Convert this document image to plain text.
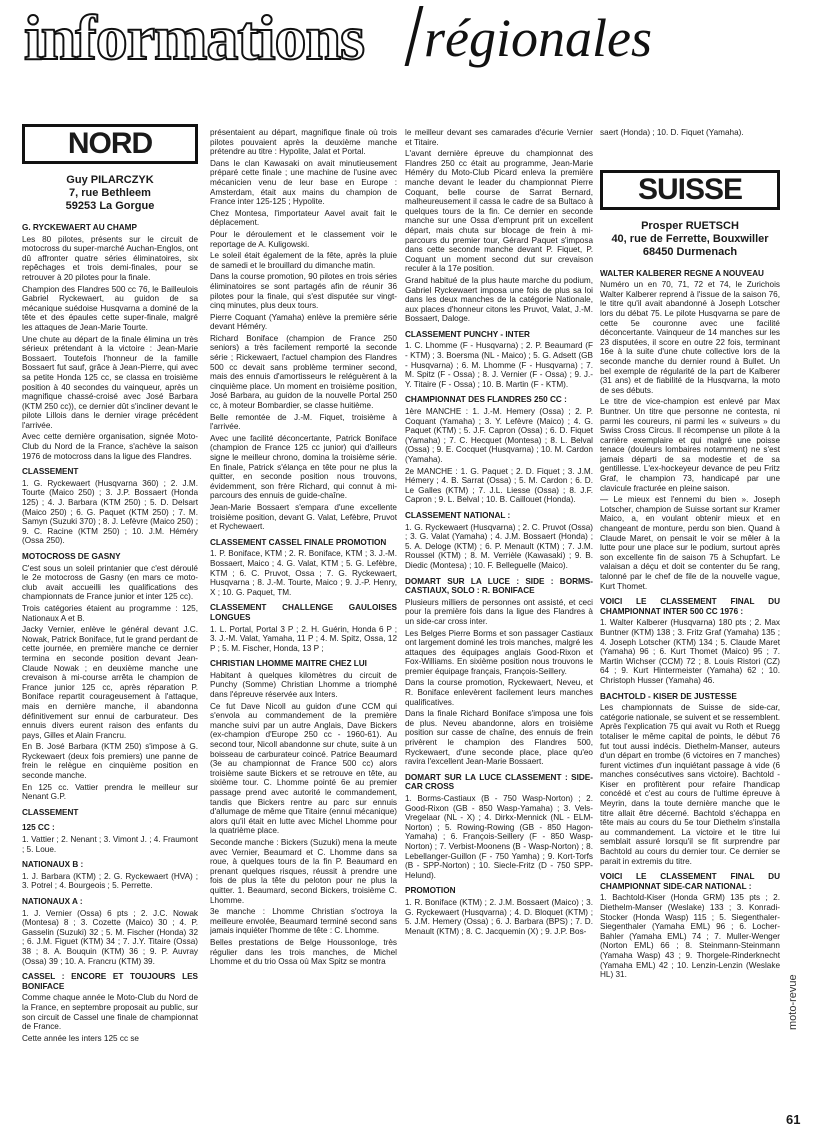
informations régionales
NORD
Guy PILARCZYK
7, rue Bethleem
59253 La Gorgue

G. RYCKEWAERT AU CHAMP

Les 80 pilotes, présents sur le circuit de motocross du super-marché Auchan-Englos, ont dû affronter quatre séries éliminatoires, six repêchages et trois demi-finales, pour se retrouver à 20 pilotes pour la finale.

Champion des Flandres 500 cc 76, le Bailleulois Gabriel Ryckewaert, au guidon de sa mécanique suédoise Husqvarna a dominé de la tête et des épaules cette super-finale, malgré les attaques de Jean-Marie Tourte.

Une chute au départ de la finale élimina un très sérieux prétendant à la victoire : Jean-Marie Bossaert. Toutefois l'honneur de la famille Bossaert fut sauf, grâce à Jean-Pierre, qui avec sa petite Honda 125 cc, se classa en troisième position à 40 secondes du vainqueur, après un magnifique chassé-croisé avec José Barbara (KTM 250 cc)), ce dernier dût s'incliner devant le pilote Lillois dans le dernier virage précédent l'arrivée.

Avec cette dernière organisation, signée Moto-Club du Nord de la France, s'achève la saison 1976 de motocross dans la ligue des Flandres.

CLASSEMENT

1. G. Ryckewaert (Husqvarna 360) ; 2. J.M. Tourte (Maico 250) ; 3. J.P. Bossaert (Honda 125) ; 4. J. Barbara (KTM 250) ; 5. D. Delsart (Maico 250) ; 6. G. Paquet (KTM 250) ; 7. M. Samyn (Suzuki 370) ; 8. J. Lefèvre (Maico 250) ; 9. C. Racine (KTM 250) ; 10. J.M. Héméry (Ossa 250).

MOTOCROSS DE GASNY

C'est sous un soleil printanier que c'est déroulé le 2e motocross de Gasny (en mars ce moto-club avait accueilli les qualifications des championnats de France junior et inter 125 cc).

Trois catégories étaient au programme : 125, Nationaux A et B.

Jacky Vernier, enlève le général devant J.C. Nowak, Patrick Boniface, fut le grand perdant de cette journée, en première manche ce dernier termina en seconde position devant Jean-Claude Nowak ; en deuxième manche une crevaison à mi-course arrêta le champion de France junior 125 cc, après réparation P. Boniface repartit courageusement à l'attaque, mais en dernière manche, il abandonna définitivement sur ennui de carburateur. Des ennuis divers eurent raison des enfants du pays, Gilles et Alain Francru.

En B. José Barbara (KTM 250) s'impose à G. Ryckewaert (deux fois premiers) une panne de frein le relègue en cinquième position en seconde manche.

En 125 cc. Vattier prendra le meilleur sur Nenant G.P.

CLASSEMENT

125 CC :

1. Vattier ; 2. Nenant ; 3. Vimont J. ; 4. Fraumont ; 5. Loue.

NATIONAUX B :

1. J. Barbara (KTM) ; 2. G. Ryckewaert (HVA) ; 3. Potrel ; 4. Bourgeois ; 5. Perrette.

NATIONAUX A :

1. J. Vernier (Ossa) 6 pts ; 2. J.C. Nowak (Montesa) 8 ; 3. Cozette (Maico) 30 ; 4. P. Gasselin (Suzuki) 32 ; 5. M. Fischer (Honda) 32 ; 6. J.M. Figuet (KTM) 34 ; 7. J.Y. Titaire (Ossa) 38 ; 8. A. Bouquin (KTM) 36 ; 9. P. Auvray (Ossa) 39 ; 10. A. Francru (KTM) 39.

CASSEL : ENCORE ET TOUJOURS LES BONIFACE

Comme chaque année le Moto-Club du Nord de la France, en septembre proposait au public, sur son circuit de Cassel une finale de championnat de France.

Cette année les inters 125 cc se

présentaient au départ, magnifique finale où trois pilotes pouvaient après la deuxième manche prétendre au titre : Hypolite, Jalat et Portal.

Dans le clan Kawasaki on avait minutieusement préparé cette finale ; une machine de l'usine avec mécanicien venu de leur base en Europe : Amsterdam, était aux mains du champion de France inter 125-125 ; Hypolite.

Chez Montesa, l'importateur Aavel avait fait le déplacement.

Pour le déroulement et le classement voir le reportage de A. Kuligowski.

Le soleil était également de la fête, après la pluie de samedi et le brouillard du dimanche matin.

Dans la course promotion, 90 pilotes en trois séries éliminatoires se sont partagés afin de réunir 36 pilotes pour la finale, qui s'est disputée sur vingt-cinq minutes, plus deux tours.

Pierre Coquant (Yamaha) enlève la première série devant Héméry.

Richard Boniface (champion de France 250 seniors) a très facilement remporté la seconde série ; Rickewaert, l'actuel champion des Flandres 500 cc devait sans problème terminer second, mais des ennuis d'amortisseurs le reléguèrent à la cinquième place. Un moment en troisième position, José Barbara, au guidon de la nouvelle Portal 250 cc, à moteur Bombardier, se classe huitième.

Belle remontée de J.-M. Fiquet, troisième à l'arrivée.

Avec une facilité déconcertante, Patrick Boniface (champion de France 125 cc junior) qui d'ailleurs signe le meilleur chrono, domina la troisième série. En finale, Patrick s'élança en tête pour ne plus la quitter, en seconde position nous trouvons, évidemment, son frère Richard, qui connut à mi-parcours des ennuis de guide-chaîne.

Jean-Marie Bossaert s'empara d'une excellente troisième position, devant G. Valat, Lefèbre, Pruvot et Rychewaert.

CLASSEMENT CASSEL FINALE PROMOTION

1. P. Boniface, KTM ; 2. R. Boniface, KTM ; 3. J.-M. Bossaert, Maico ; 4. G. Valat, KTM ; 5. G. Lefèbre, KTM ; 6. C. Pruvot, Ossa ; 7. G. Ryckewaert, Husqvarna ; 8. J.-M. Tourte, Maico ; 9. J.-P. Henry, X ; 10. G. Paquet, TM.

CLASSEMENT CHALLENGE GAULOISES LONGUES

1. L. Portal, Portal 3 P ; 2. H. Guérin, Honda 6 P ; 3. J.-M. Valat, Yamaha, 11 P ; 4. M. Spitz, Ossa, 12 P ; 5. M. Fischer, Honda, 13 P ;

CHRISTIAN LHOMME MAITRE CHEZ LUI

Habitant à quelques kilomètres du circuit de Punchy (Somme) Christian Lhomme a triomphé dans l'épreuve réservée aux Inters.

Ce fut Dave Nicoll au guidon d'une CCM qui s'envola au commandement de la première manche suivi par un autre Anglais, Dave Bickers (ex-champion d'Europe 250 cc - 1960-61). Au second tour, Nicoll abandonne sur chute, suite à un boisseau de carburateur coincé. Patrice Beaumard (3e au championnat de France 500 cc) alors troisième saute Bickers et se retrouve en tête, au sixième tour. C. Lhomme pointé 6e au premier passage prend avec autorité le commandement, tandis que Bickers rentre au parc sur ennuis d'allumage de même que Titaire (ennui mécanique) alors qu'il était en lutte avec Michel Lhomme pour la quatrième place.

Seconde manche : Bickers (Suzuki) mena la meute avec Vernier, Beaumard et C. Lhomme dans sa roue, à quelques tours de la fin P. Beaumard en prenant quelques risques, réussit à prendre une fois de plus la tête du peloton pour ne plus la quitter. 1. Beaumard, second Bickers, troisième C. Lhomme.

3e manche : Lhomme Christian s'octroya la meilleure envolée, Beaumard terminé second sans jamais inquiéter l'homme de tête : C. Lhomme.

Belles prestations de Belge Houssonloge, très régulier dans les trois manches, de Michel Lhomme et du trio Ossa où Max Spitz se montra

le meilleur devant ses camarades d'écurie Vernier et Titaire.

L'avant dernière épreuve du championnat des Flandres 250 cc était au programme, Jean-Marie Héméry du Moto-Club Picard enleva la première manche devant le leader du championnat Pierre Coquant, belle course de Sarrat Bernard, malheureusement il cassa le cadre de sa Bultaco à quelques tours de la fin. Ce dernier en seconde manche sur une Ossa d'emprunt prit un excellent départ, mais chuta sur blocage de frein à mi-parcours du premier tour, Gérard Paquet s'imposa dans cette seconde manche devant P. Fiquet, P. Coquant un moment second dut sur crevaison reculer à la 17e position.

Grand habitué de la plus haute marche du podium, Gabriel Ryckewaert imposa une fois de plus sa loi dans les deux manches de la catégorie Nationale, aux places d'honneur citons les Pruvot, Valat, J.-M. Bossaert, Daloge.

CLASSEMENT PUNCHY - INTER

1. C. Lhomme (F - Husqvarna) ; 2. P. Beaumard (F - KTM) ; 3. Boersma (NL - Maico) ; 5. G. Adsett (GB - Husqvarna) ; 6. M. Lhomme (F - Husqvarna) ; 7. M. Spitz (F - Ossa) ; 8. J. Vernier (F - Ossa) ; 9. J.-Y. Titaire (F - Ossa) ; 10. B. Martin (F - KTM).

CHAMPIONNAT DES FLANDRES 250 CC :

1ère MANCHE : 1. J.-M. Hemery (Ossa) ; 2. P. Coquant (Yamaha) ; 3. Y. Lefèvre (Maico) ; 4. G. Paquet (KTM) ; 5. J.F. Capron (Ossa) ; 6. D. Fiquet (Yamaha) ; 7. C. Hecquet (Montesa) ; 8. L. Belval (Ossa) ; 9. E. Cocquet (Husqvarna) ; 10. M. Cardon (Yamaha).

2e MANCHE : 1. G. Paquet ; 2. D. Fiquet ; 3. J.M. Hémery ; 4. B. Sarrat (Ossa) ; 5. M. Cardon ; 6. D. Le Galles (KTM) ; 7. J.L. Liesse (Ossa) ; 8. J.F. Capron ; 9. L. Belval ; 10. B. Caillouet (Honda).

CLASSEMENT NATIONAL :

1. G. Ryckewaert (Husqvarna) ; 2. C. Pruvot (Ossa) ; 3. G. Valat (Yamaha) ; 4. J.M. Bossaert (Honda) ; 5. A. Deloge (KTM) ; 6. P. Menault (KTM) ; 7. J.M. Roussel (KTM) ; 8. M. Verrièle (Kawasaki) ; 9. B. Diedic (Montesa) ; 10. F. Belleguelle (Maico).

DOMART SUR LA LUCE : SIDE : BORMS-CASTIAUX, SOLO : R. BONIFACE

Plusieurs milliers de personnes ont assisté, et ceci pour la première fois dans la ligue des Flandres à un side-car cross inter.

Les Belges Pierre Borms et son passager Castiaux ont largement dominé les trois manches, malgré les attaques des équipages anglais Good-Rixon et Fox-Williams. En sixième position nous trouvons le premier équipage français, François-Seillery.

Dans la course promotion, Ryckewaert, Neveu, et R. Boniface enlevèrent facilement leurs manches qualificatives.

Dans la finale Richard Boniface s'imposa une fois de plus. Neveu abandonne, alors en troisième position sur casse de chaîne, des ennuis de frein privèrent le champion des Flandres 500, Ryckewaert, d'une seconde place, place qu'eo ravira l'excellent Jean-Marie Bossaert.

DOMART SUR LA LUCE CLASSEMENT : SIDE-CAR CROSS

1. Borms-Castiaux (B - 750 Wasp-Norton) ; 2. Good-Rixon (GB - 850 Wasp-Yamaha) ; 3. Vels-Vregelaar (NL - X) ; 4. Dirkx-Mennick (NL - ELM-Norton) ; 5. Rowing-Rowing (GB - 850 Hagon-Yamaha) ; 6. François-Seillery (F - 850 Wasp-Norton) ; 7. Verbist-Moonens (B - Wasp-Norton) ; 8. Lebellanger-Guillon (F - 750 Yamha) ; 9. Kort-Torfs (B - SPP-Norton) ; 10. Siecle-Fritz (D - 750 SPP-Helund).

PROMOTION

1. R. Boniface (KTM) ; 2. J.M. Bossaert (Maico) ; 3. G. Ryckewaert (Husqvarna) ; 4. D. Bloquet (KTM) ; 5. J.M. Hemery (Ossa) ; 6. J. Barbara (BPS) ; 7. D. Menault (KTM) ; 8. C. Jacquemin (X) ; 9. J.P. Bos-

saert (Honda) ; 10. D. Fiquet (Yamaha).

SUISSE
Prosper RUETSCH
40, rue de Ferrette, Bouxwiller
68450 Durmenach

WALTER KALBERER REGNE A NOUVEAU

Numéro un en 70, 71, 72 et 74, le Zurichois Walter Kalberer reprend à l'issue de la saison 76, le titre qu'il avait abandonné à Joseph Lotscher lors du débat 75. Le pilote Husqvarna se pare de cette 5e couronne avec une facilité déconcertante. Vainqueur de 14 manches sur les 23 disputées, il score en outre 22 fois, terminant 16e à la suite d'une chute collective lors de la seconde manche du dernier round à Bullet. Un bel exemple de régularité de la part de Kalberer (31 ans) et de fiabilité de la Husqvarna, la moto de ses débuts.

Le titre de vice-champion est enlevé par Max Buntner. Un titre que personne ne contesta, ni parmi les coureurs, ni parmi les « suiveurs » du Swiss Cross Circus. Il récompense un pilote à la carrière exemplaire et qui malgré une poisse tenace (douleurs lombaires notamment) ne s'est jamais départi de sa modestie et de sa gentillesse. L'ex-hockeyeur devance de peu Fritz Graf, le champion 73, handicapé par une clavicule fracturée en pleine saison.

— Le mieux est l'ennemi du bien ». Joseph Lotscher, champion de Suisse sortant sur Kramer Maico, a, en voulant obtenir mieux et en changeant de monture, perdu son bien. Quand à Claude Maret, on pensait le voir se mêler à la lutte pour une place sur le podium, surtout après son excellente fin de saison 75 à Schupfart. Le valaisan a déçu et doit se contenter du 5e rang, talonné par le chef de file de la nouvelle vague, Kurt Thomet.

VOICI LE CLASSEMENT FINAL DU CHAMPIONNAT INTER 500 CC 1976 :

1. Walter Kalberer (Husqvarna) 180 pts ; 2. Max Buntner (KTM) 138 ; 3. Fritz Graf (Yamaha) 135 ; 4. Joseph Lotscher (KTM) 134 ; 5. Claude Maret (Yamaha) 96 ; 6. Kurt Thomet (Maico) 95 ; 7. Martin Wichser (CCM) 72 ; 8. Louis Ristori (CZ) 64 ; 9. Kurt Hintermeister (Yamaha) 62 ; 10. Christoph Husser (Yamaha) 46.

BACHTOLD - KISER DE JUSTESSE

Les championnats de Suisse de side-car, catégorie nationale, se suivent et se ressemblent. Après l'explication 75 qui avait vu Roth et Ruegg totaliser le même capital de points, le début 76 fut tout aussi indécis. Diethelm-Manser, auteurs d'un départ en trombe (6 victoires en 7 manches) furent victimes d'un inquiétant passage à vide (6 manches consécutives sans victoire). Bachtold - Kiser en profitèrent pour refaire l'handicap concédé et c'est au cours de l'ultime épreuve à Meyrin, dans la toute dernière manche que le titre allait être décerné. Bachtold s'échappa en tête mais au cours du 5e tour Diethelm s'installa au commandement. La victoire et le titre lui semblait assuré lorsqu'il se fit surprendre par Bachtold au cours du dernier tour. Ce dernier se parait in extremis du titre.

VOICI LE CLASSEMENT FINAL DU CHAMPIONNAT SIDE-CAR NATIONAL :

1. Bachtold-Kiser (Honda GRM) 135 pts ; 2. Diethelm-Manser (Weslake) 133 ; 3. Konradi-Stocker (Honda Wasp) 115 ; 5. Siegenthaler-Siegenthaler (Yamaha EML) 96 ; 6. Locher-Bahler (Yamaha EML) 74 ; 7. Muller-Wenger (Norton EML) 66 ; 8. Steinmann-Steinmann (Yamaha Wasp) 43 ; 9. Thorgele-Rinderknecht (Yamaha EML) 42 ; 10. Lenzin-Lenzin (Weslake HL) 31.	moto-revue
61
